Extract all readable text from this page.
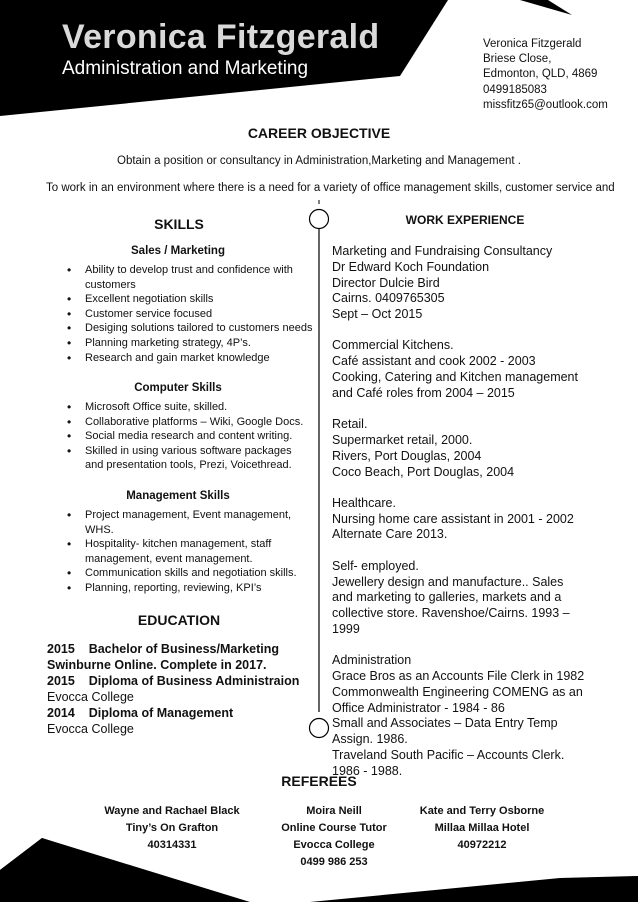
Veronica Fitzgerald
Administration and Marketing
Veronica Fitzgerald
Briese Close,
Edmonton, QLD, 4869
0499185083
missfitz65@outlook.com
CAREER OBJECTIVE
Obtain a position or consultancy in Administration,Marketing and Management .
To work in an environment where there is a need for a variety of office management skills, customer service and
SKILLS
Sales / Marketing
• Ability to develop trust and confidence with customers
• Excellent negotiation skills
• Customer service focused
• Desiging solutions tailored to customers needs
• Planning marketing strategy, 4P’s.
• Research and gain market knowledge
Computer Skills
• Microsoft Office suite, skilled.
• Collaborative platforms – Wiki, Google Docs.
• Social media research and content writing.
• Skilled in using various software packages and presentation tools, Prezi, Voicethread.
Management Skills
• Project management, Event management, WHS.
• Hospitality- kitchen management, staff management, event management.
• Communication skills and negotiation skills.
• Planning, reporting, reviewing, KPI’s
EDUCATION
2015    Bachelor of Business/Marketing
Swinburne Online. Complete in 2017.
2015    Diploma of Business Administraion
Evocca College
2014    Diploma of Management
Evocca College
WORK EXPERIENCE
Marketing and Fundraising Consultancy
Dr Edward Koch Foundation
Director Dulcie Bird
Cairns. 0409765305
Sept – Oct 2015
Commercial Kitchens.
Café assistant and cook 2002 - 2003
Cooking, Catering and Kitchen management and Café roles from 2004 – 2015
Retail.
Supermarket retail, 2000.
Rivers, Port Douglas, 2004
Coco Beach, Port Douglas, 2004
Healthcare.
Nursing home care assistant in 2001 - 2002
Alternate Care 2013.
Self- employed.
Jewellery design and manufacture.. Sales and marketing to galleries, markets and a collective store. Ravenshoe/Cairns. 1993 – 1999
Administration
Grace Bros as an Accounts File Clerk in 1982
Commonwealth Engineering COMENG as an Office Administrator - 1984 - 86
Small and Associates – Data Entry Temp Assign. 1986.
Traveland South Pacific – Accounts Clerk. 1986 - 1988.
REFEREES
Wayne and Rachael Black
Tiny’s On Grafton
40314331
Moira Neill
Online Course Tutor
Evocca College
0499 986 253
Kate and Terry Osborne
Millaa Millaa Hotel
40972212
